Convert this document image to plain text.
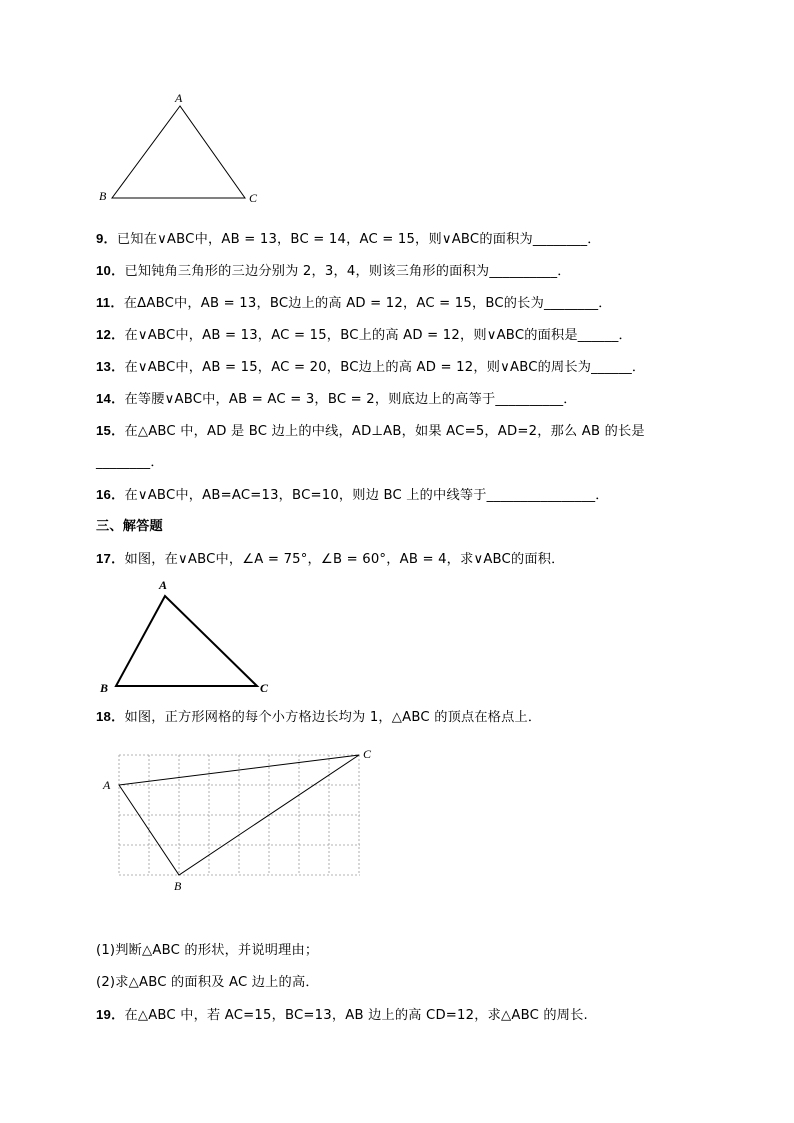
A
B	C
9．已知在∨ABC中，AB = 13，BC = 14，AC = 15，则∨ABC的面积为________．
10．已知钝角三角形的三边分别为 2，3，4，则该三角形的面积为__________．
11．在ΔABC中，AB = 13，BC边上的高 AD = 12，AC = 15，BC的长为________．
12．在∨ABC中，AB = 13，AC = 15，BC上的高 AD = 12，则∨ABC的面积是______．
13．在∨ABC中，AB = 15，AC = 20，BC边上的高 AD = 12，则∨ABC的周长为______．
14．在等腰∨ABC中，AB = AC = 3，BC = 2，则底边上的高等于__________．
15．在△ABC 中，AD 是 BC 边上的中线，AD⊥AB，如果 AC=5，AD=2，那么 AB 的长是
________．
16．在∨ABC中，AB=AC=13，BC=10，则边 BC 上的中线等于________________．
三、解答题
17．如图，在∨ABC中，∠A = 75°，∠B = 60°，AB = 4，求∨ABC的面积．
A
B	C
18．如图，正方形网格的每个小方格边长均为 1，△ABC 的顶点在格点上．
A
B
C
(1)判断△ABC 的形状，并说明理由；
(2)求△ABC 的面积及 AC 边上的高．
19．在△ABC 中，若 AC=15，BC=13，AB 边上的高 CD=12，求△ABC 的周长.
